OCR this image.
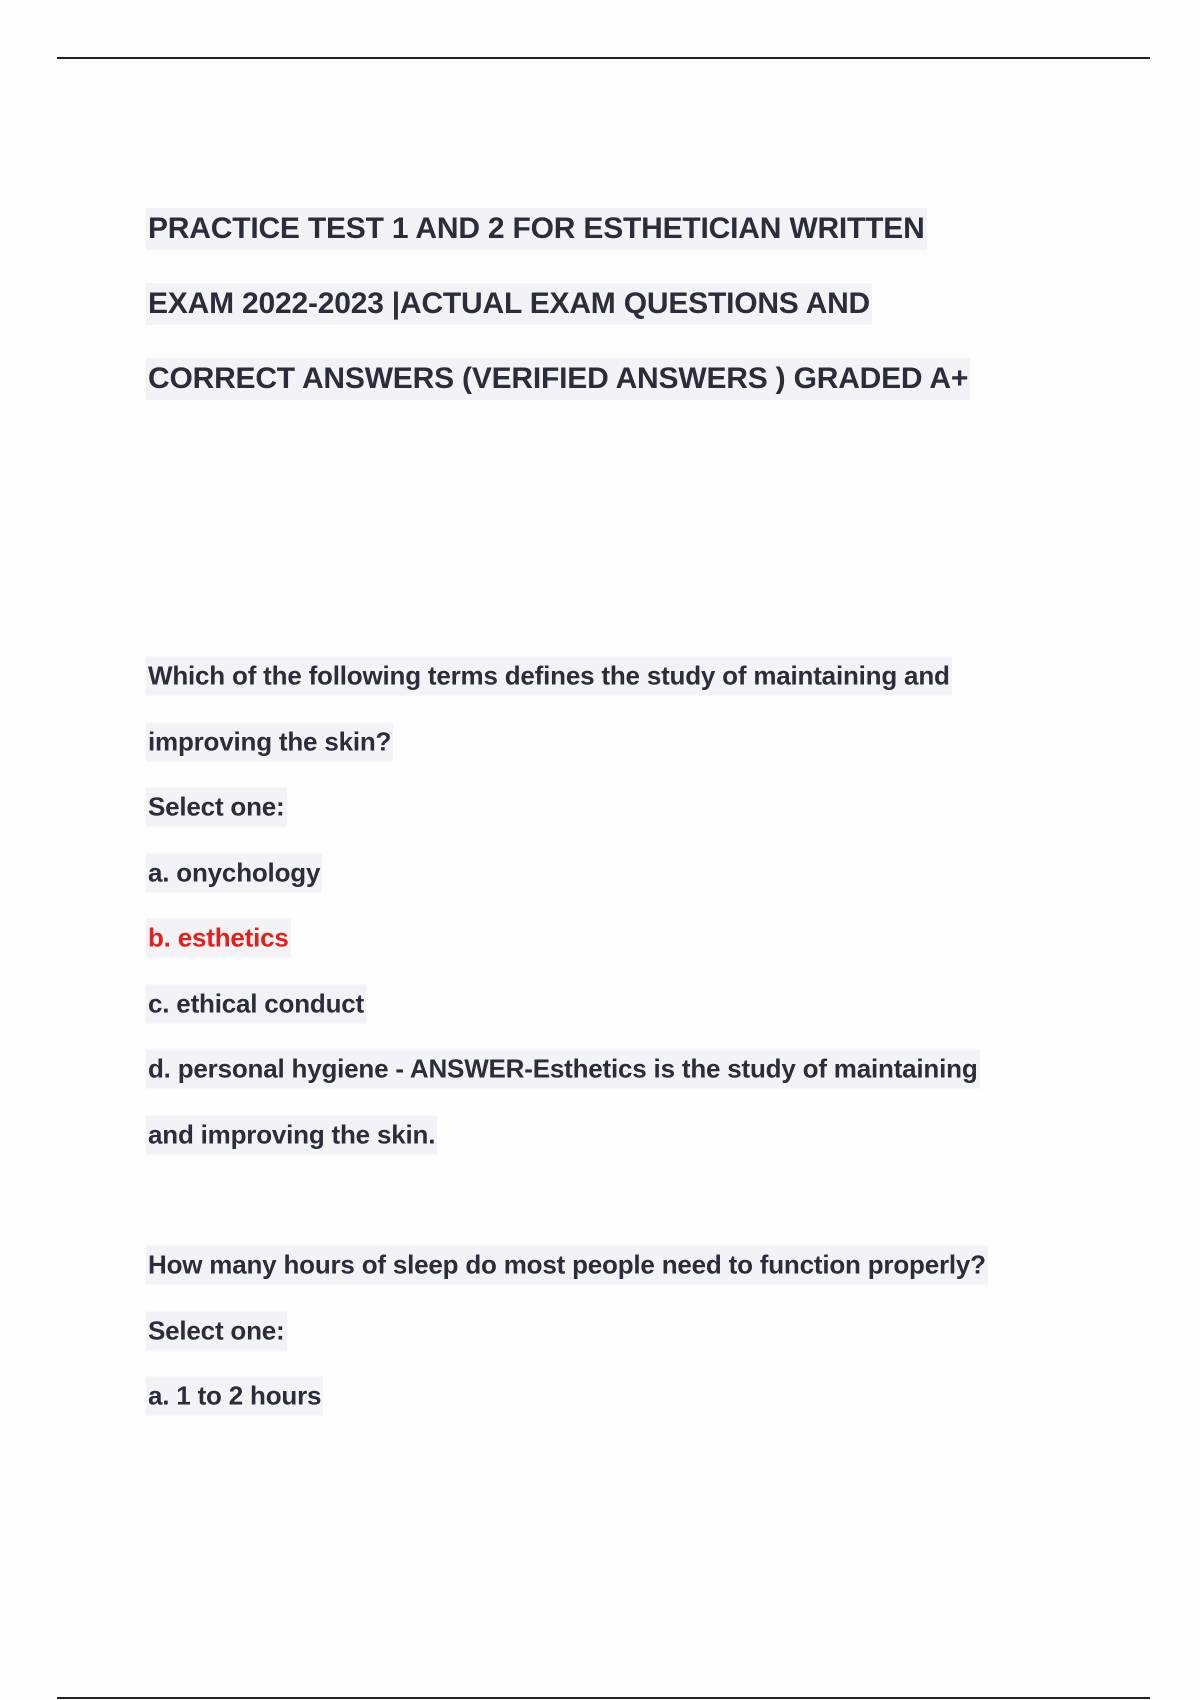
PRACTICE TEST 1 AND 2 FOR ESTHETICIAN WRITTEN
EXAM 2022-2023 |ACTUAL EXAM QUESTIONS AND
CORRECT ANSWERS (VERIFIED ANSWERS ) GRADED A+
Which of the following terms defines the study of maintaining and
improving the skin?
Select one:
a. onychology
b. esthetics
c. ethical conduct
d. personal hygiene - ANSWER-Esthetics is the study of maintaining
and improving the skin.
How many hours of sleep do most people need to function properly?
Select one:
a. 1 to 2 hours
